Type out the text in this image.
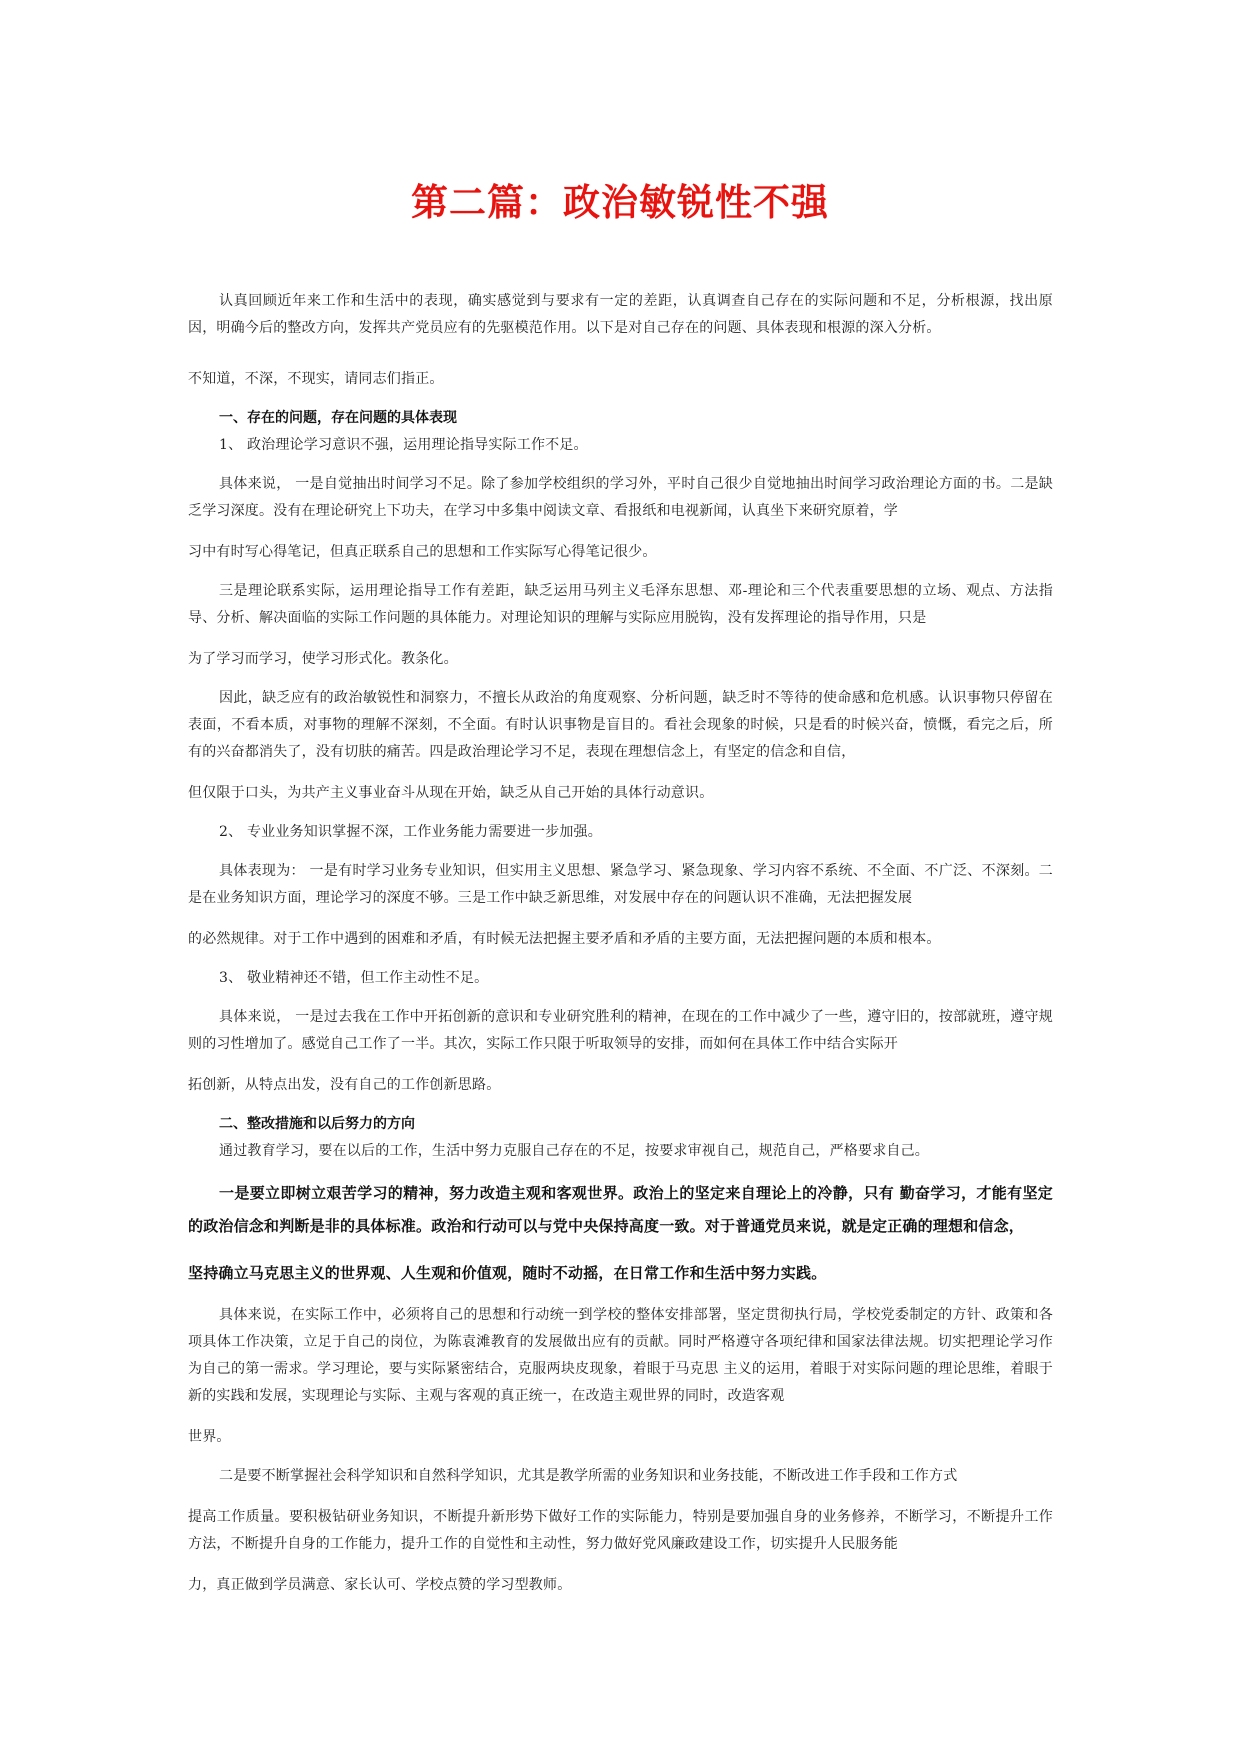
第二篇：政治敏锐性不强
认真回顾近年来工作和生活中的表现，确实感觉到与要求有一定的差距，认真调查自己存在的实际问题和不足，分析根源，找出原因，明确今后的整改方向，发挥共产党员应有的先驱模范作用。以下是对自己存在的问题、具体表现和根源的深入分析。
不知道，不深，不现实，请同志们指正。
一、存在的问题，存在问题的具体表现
1、 政治理论学习意识不强，运用理论指导实际工作不足。
具体来说， 一是自觉抽出时间学习不足。除了参加学校组织的学习外，平时自己很少自觉地抽出时间学习政治理论方面的书。二是缺乏学习深度。没有在理论研究上下功夫，在学习中多集中阅读文章、看报纸和电视新闻，认真坐下来研究原着，学
习中有时写心得笔记，但真正联系自己的思想和工作实际写心得笔记很少。
三是理论联系实际，运用理论指导工作有差距，缺乏运用马列主义毛泽东思想、邓-理论和三个代表重要思想的立场、观点、方法指导、分析、解决面临的实际工作问题的具体能力。对理论知识的理解与实际应用脱钩，没有发挥理论的指导作用，只是
为了学习而学习，使学习形式化。教条化。
因此，缺乏应有的政治敏锐性和洞察力，不擅长从政治的角度观察、分析问题，缺乏时不等待的使命感和危机感。认识事物只停留在表面，不看本质，对事物的理解不深刻，不全面。有时认识事物是盲目的。看社会现象的时候，只是看的时候兴奋，愤慨，看完之后，所有的兴奋都消失了，没有切肤的痛苦。四是政治理论学习不足，表现在理想信念上，有坚定的信念和自信，
但仅限于口头，为共产主义事业奋斗从现在开始，缺乏从自己开始的具体行动意识。
2、 专业业务知识掌握不深，工作业务能力需要进一步加强。
具体表现为： 一是有时学习业务专业知识，但实用主义思想、紧急学习、紧急现象、学习内容不系统、不全面、不广泛、不深刻。二是在业务知识方面，理论学习的深度不够。三是工作中缺乏新思维，对发展中存在的问题认识不准确，无法把握发展
的必然规律。对于工作中遇到的困难和矛盾，有时候无法把握主要矛盾和矛盾的主要方面，无法把握问题的本质和根本。
3、 敬业精神还不错，但工作主动性不足。
具体来说， 一是过去我在工作中开拓创新的意识和专业研究胜利的精神，在现在的工作中减少了一些，遵守旧的，按部就班，遵守规则的习性增加了。感觉自己工作了一半。其次，实际工作只限于听取领导的安排，而如何在具体工作中结合实际开
拓创新，从特点出发，没有自己的工作创新思路。
二、整改措施和以后努力的方向
通过教育学习，要在以后的工作，生活中努力克服自己存在的不足，按要求审视自己，规范自己，严格要求自己。
一是要立即树立艰苦学习的精神，努力改造主观和客观世界。政治上的坚定来自理论上的冷静，只有 勤奋学习，才能有坚定的政治信念和判断是非的具体标准。政治和行动可以与党中央保持高度一致。对于普通党员来说，就是定正确的理想和信念，
坚持确立马克思主义的世界观、人生观和价值观，随时不动摇，在日常工作和生活中努力实践。
具体来说，在实际工作中，必须将自己的思想和行动统一到学校的整体安排部署，坚定贯彻执行局，学校党委制定的方针、政策和各项具体工作决策，立足于自己的岗位，为陈袁滩教育的发展做出应有的贡献。同时严格遵守各项纪律和国家法律法规。切实把理论学习作为自己的第一需求。学习理论，要与实际紧密结合，克服两块皮现象，着眼于马克思 主义的运用，着眼于对实际问题的理论思维，着眼于新的实践和发展，实现理论与实际、主观与客观的真正统一，在改造主观世界的同时，改造客观
世界。
二是要不断掌握社会科学知识和自然科学知识，尤其是教学所需的业务知识和业务技能，不断改进工作手段和工作方式
提高工作质量。要积极钻研业务知识，不断提升新形势下做好工作的实际能力，特别是要加强自身的业务修养，不断学习，不断提升工作方法，不断提升自身的工作能力，提升工作的自觉性和主动性，努力做好党风廉政建设工作，切实提升人民服务能
力，真正做到学员满意、家长认可、学校点赞的学习型教师。
